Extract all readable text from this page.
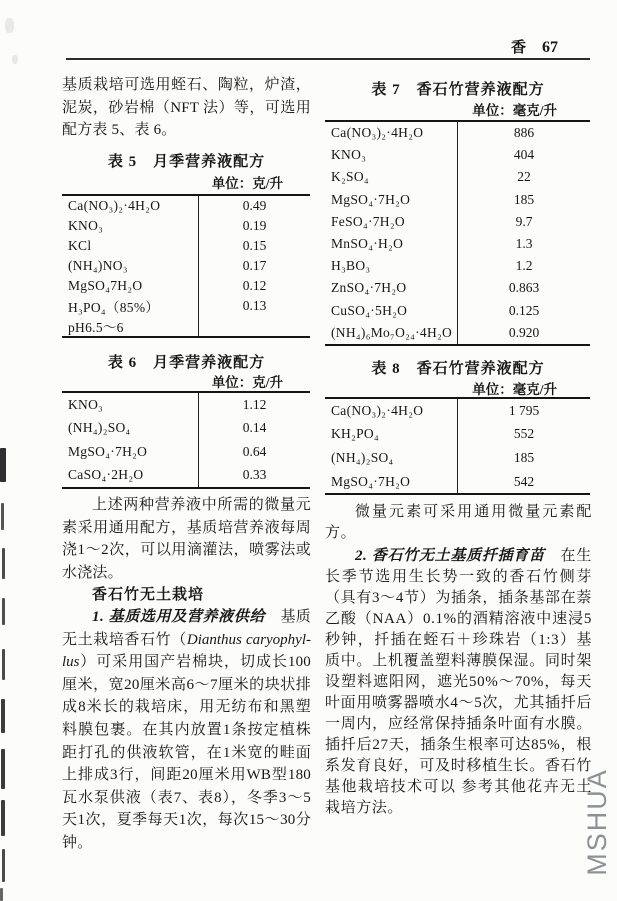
香 67
基质栽培可选用蛭石、陶粒，炉渣，泥炭，砂岩棉（NFT 法）等，可选用配方表 5、表 6。
表 5　月季营养液配方
单位：克/升
Ca(NO₃)₂·4H₂O	0.49
KNO₃	0.19
KCl	0.15
(NH₄)NO₃	0.17
MgSO₄7H₂O	0.12
H₃PO₄（85%）	0.13
pH6.5～6
表 6　月季营养液配方
单位：克/升
KNO₃	1.12
(NH₄)₂SO₄	0.14
MgSO₄·7H₂O	0.64
CaSO₄·2H₂O	0.33
上述两种营养液中所需的微量元素采用通用配方，基质培营养液每周浇1～2次，可以用滴灌法，喷雾法或水浇法。
香石竹无土栽培
1. 基质选用及营养液供给　基质无土栽培香石竹（Dianthus caryophyl-lus）可采用国产岩棉块，切成长100厘米，宽20厘米高6～7厘米的块状排成8米长的栽培床，用无纺布和黑塑料膜包裹。在其内放置1条按定植株距打孔的供液软管，在1米宽的畦面上排成3行，间距20厘米用WB型180瓦水泵供液（表7、表8），冬季3～5天1次，夏季每天1次，每次15～30分钟。
表 7　香石竹营养液配方
单位：毫克/升
Ca(NO₃)₂·4H₂O	886
KNO₃	404
K₂SO₄	22
MgSO₄·7H₂O	185
FeSO₄·7H₂O	9.7
MnSO₄·H₂O	1.3
H₃BO₃	1.2
ZnSO₄·7H₂O	0.863
CuSO₄·5H₂O	0.125
(NH₄)₆Mo₇O₂₄·4H₂O	0.920
表 8　香石竹营养液配方
单位：毫克/升
Ca(NO₃)₂·4H₂O	1 795
KH₂PO₄	552
(NH₄)₂SO₄	185
MgSO₄·7H₂O	542
微量元素可采用通用微量元素配方。
2. 香石竹无土基质扦插育苗　在生长季节选用生长势一致的香石竹侧芽（具有3～4节）为插条，插条基部在萘乙酸（NAA）0.1%的酒精溶液中速浸5秒钟，扦插在蛭石＋珍珠岩（1:3）基质中。上机覆盖塑料薄膜保湿。同时架设塑料遮阳网，遮光50%～70%，每天叶面用喷雾器喷水4～5次，尤其插扦后一周内，应经常保持插条叶面有水膜。插扦后27天，插条生根率可达85%，根系发育良好，可及时移植生长。香石竹基他栽培技术可以 参考其他花卉无土栽培方法。	MSHUA
